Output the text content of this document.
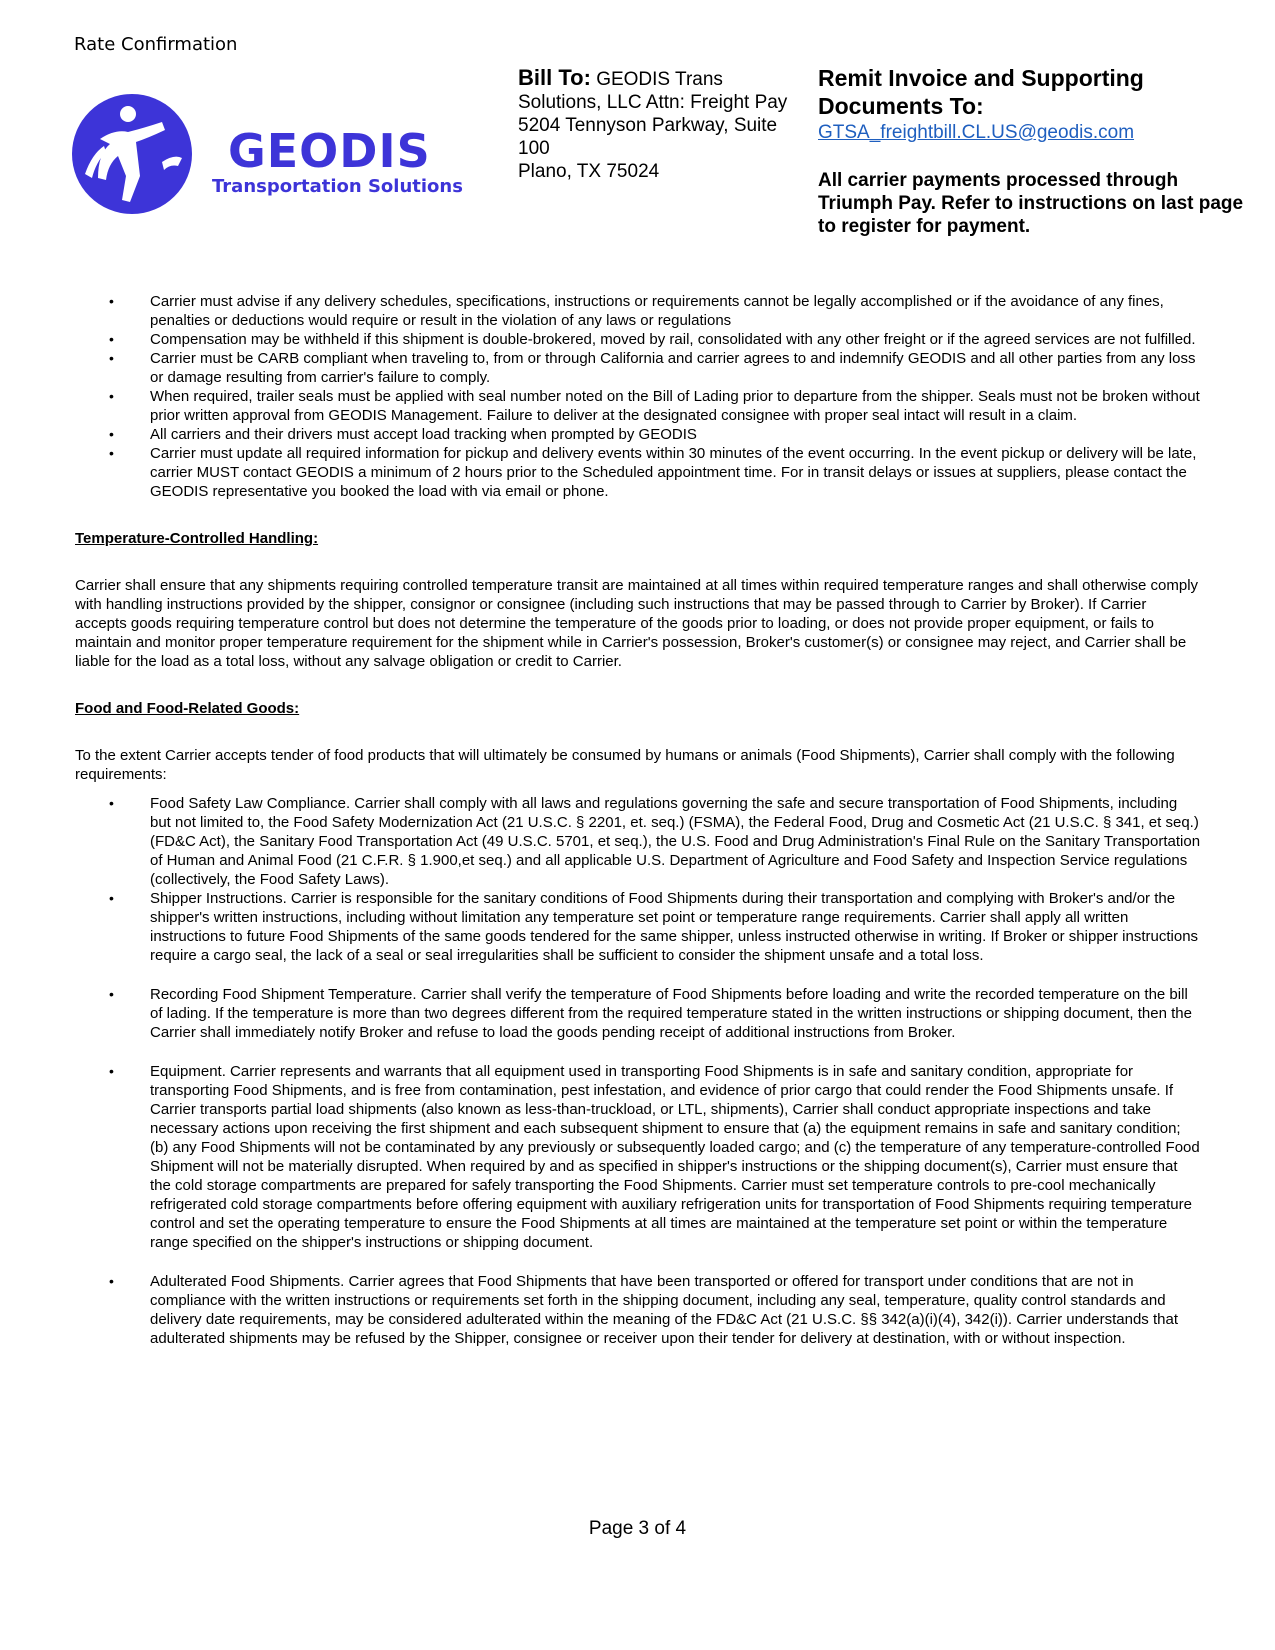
Rate Confirmation
GEODIS
Transportation Solutions
Bill To: GEODIS Trans Solutions, LLC Attn: Freight Pay
5204 Tennyson Parkway, Suite 100
Plano, TX 75024
Remit Invoice and Supporting Documents To:
GTSA_freightbill.CL.US@geodis.com
All carrier payments processed through Triumph Pay. Refer to instructions on last page to register for payment.
• Carrier must advise if any delivery schedules, specifications, instructions or requirements cannot be legally accomplished or if the avoidance of any fines, penalties or deductions would require or result in the violation of any laws or regulations
• Compensation may be withheld if this shipment is double-brokered, moved by rail, consolidated with any other freight or if the agreed services are not fulfilled.
• Carrier must be CARB compliant when traveling to, from or through California and carrier agrees to and indemnify GEODIS and all other parties from any loss or damage resulting from carrier's failure to comply.
• When required, trailer seals must be applied with seal number noted on the Bill of Lading prior to departure from the shipper. Seals must not be broken without prior written approval from GEODIS Management. Failure to deliver at the designated consignee with proper seal intact will result in a claim.
• All carriers and their drivers must accept load tracking when prompted by GEODIS
• Carrier must update all required information for pickup and delivery events within 30 minutes of the event occurring. In the event pickup or delivery will be late, carrier MUST contact GEODIS a minimum of 2 hours prior to the Scheduled appointment time. For in transit delays or issues at suppliers, please contact the GEODIS representative you booked the load with via email or phone.
Temperature-Controlled Handling:
Carrier shall ensure that any shipments requiring controlled temperature transit are maintained at all times within required temperature ranges and shall otherwise comply with handling instructions provided by the shipper, consignor or consignee (including such instructions that may be passed through to Carrier by Broker). If Carrier accepts goods requiring temperature control but does not determine the temperature of the goods prior to loading, or does not provide proper equipment, or fails to maintain and monitor proper temperature requirement for the shipment while in Carrier's possession, Broker's customer(s) or consignee may reject, and Carrier shall be liable for the load as a total loss, without any salvage obligation or credit to Carrier.
Food and Food-Related Goods:
To the extent Carrier accepts tender of food products that will ultimately be consumed by humans or animals (Food Shipments), Carrier shall comply with the following requirements:
• Food Safety Law Compliance. Carrier shall comply with all laws and regulations governing the safe and secure transportation of Food Shipments, including but not limited to, the Food Safety Modernization Act (21 U.S.C. § 2201, et. seq.) (FSMA), the Federal Food, Drug and Cosmetic Act (21 U.S.C. § 341, et seq.) (FD&C Act), the Sanitary Food Transportation Act (49 U.S.C. 5701, et seq.), the U.S. Food and Drug Administration's Final Rule on the Sanitary Transportation of Human and Animal Food (21 C.F.R. § 1.900,et seq.) and all applicable U.S. Department of Agriculture and Food Safety and Inspection Service regulations (collectively, the Food Safety Laws).
• Shipper Instructions. Carrier is responsible for the sanitary conditions of Food Shipments during their transportation and complying with Broker's and/or the shipper's written instructions, including without limitation any temperature set point or temperature range requirements. Carrier shall apply all written instructions to future Food Shipments of the same goods tendered for the same shipper, unless instructed otherwise in writing. If Broker or shipper instructions require a cargo seal, the lack of a seal or seal irregularities shall be sufficient to consider the shipment unsafe and a total loss.
• Recording Food Shipment Temperature. Carrier shall verify the temperature of Food Shipments before loading and write the recorded temperature on the bill of lading. If the temperature is more than two degrees different from the required temperature stated in the written instructions or shipping document, then the Carrier shall immediately notify Broker and refuse to load the goods pending receipt of additional instructions from Broker.
• Equipment. Carrier represents and warrants that all equipment used in transporting Food Shipments is in safe and sanitary condition, appropriate for transporting Food Shipments, and is free from contamination, pest infestation, and evidence of prior cargo that could render the Food Shipments unsafe. If Carrier transports partial load shipments (also known as less-than-truckload, or LTL, shipments), Carrier shall conduct appropriate inspections and take necessary actions upon receiving the first shipment and each subsequent shipment to ensure that (a) the equipment remains in safe and sanitary condition; (b) any Food Shipments will not be contaminated by any previously or subsequently loaded cargo; and (c) the temperature of any temperature-controlled Food Shipment will not be materially disrupted. When required by and as specified in shipper's instructions or the shipping document(s), Carrier must ensure that the cold storage compartments are prepared for safely transporting the Food Shipments. Carrier must set temperature controls to pre-cool mechanically refrigerated cold storage compartments before offering equipment with auxiliary refrigeration units for transportation of Food Shipments requiring temperature control and set the operating temperature to ensure the Food Shipments at all times are maintained at the temperature set point or within the temperature range specified on the shipper's instructions or shipping document.
• Adulterated Food Shipments. Carrier agrees that Food Shipments that have been transported or offered for transport under conditions that are not in compliance with the written instructions or requirements set forth in the shipping document, including any seal, temperature, quality control standards and delivery date requirements, may be considered adulterated within the meaning of the FD&C Act (21 U.S.C. §§ 342(a)(i)(4), 342(i)). Carrier understands that adulterated shipments may be refused by the Shipper, consignee or receiver upon their tender for delivery at destination, with or without inspection.
Page 3 of 4
